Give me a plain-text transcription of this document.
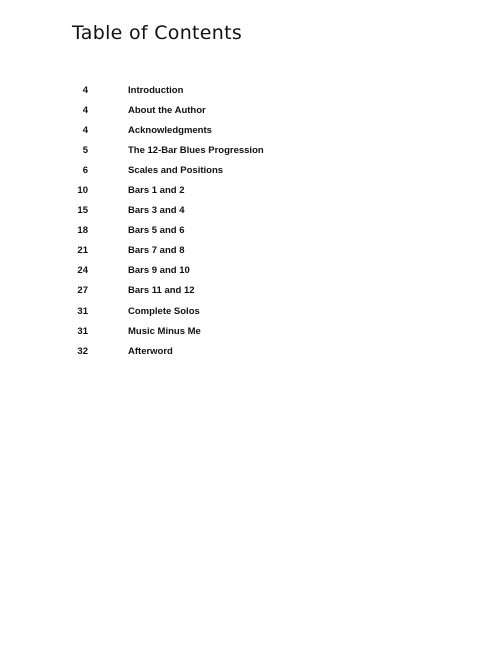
Table of Contents
4	Introduction
4	About the Author
4	Acknowledgments
5	The 12-Bar Blues Progression
6	Scales and Positions
10	Bars 1 and 2
15	Bars 3 and 4
18	Bars 5 and 6
21	Bars 7 and 8
24	Bars 9 and 10
27	Bars 11 and 12
31	Complete Solos
31	Music Minus Me
32	Afterword
